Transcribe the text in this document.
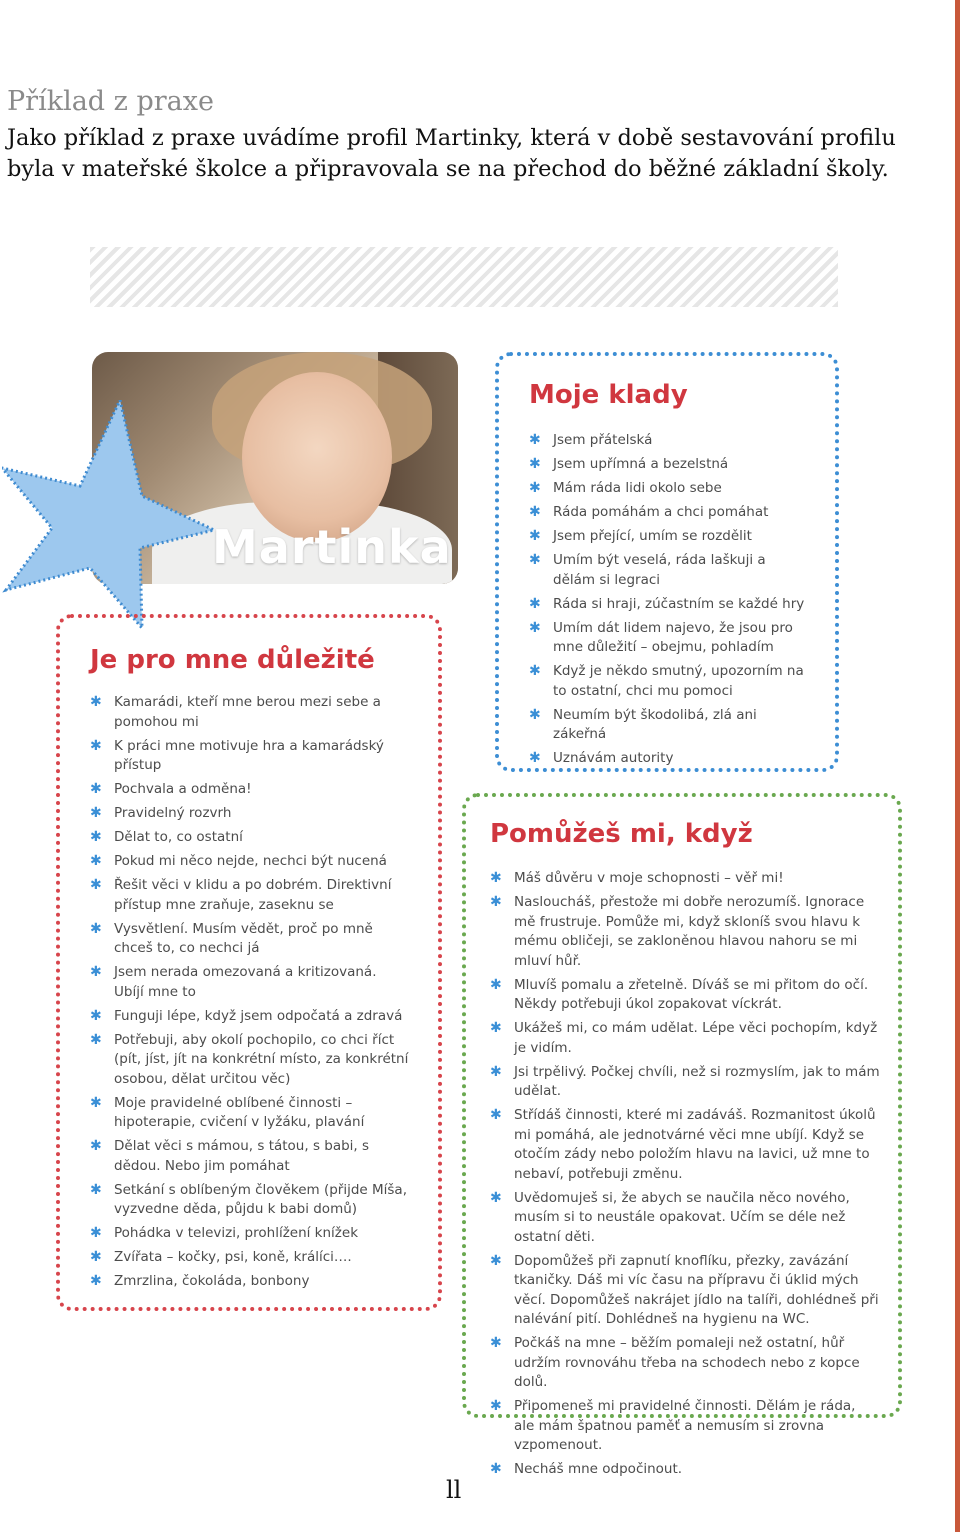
Příklad z praxe

Jako příklad z praxe uvádíme profil Martinky, která v době sestavování profilu byla v mateřské školce a připravovala se na přechod do běžné základní školy.

Martinka
Je pro mne důležité
✱ Kamarádi, kteří mne berou mezi sebe a pomohou mi
✱ K práci mne motivuje hra a kamarádský přístup
✱ Pochvala a odměna!
✱ Pravidelný rozvrh
✱ Dělat to, co ostatní
✱ Pokud mi něco nejde, nechci být nucená
✱ Řešit věci v klidu a po dobrém. Direktivní přístup mne zraňuje, zaseknu se
✱ Vysvětlení. Musím vědět, proč po mně chceš to, co nechci já
✱ Jsem nerada omezovaná a kritizovaná. Ubíjí mne to
✱ Funguji lépe, když jsem odpočatá a zdravá
✱ Potřebuji, aby okolí pochopilo, co chci říct (pít, jíst, jít na konkrétní místo, za konkrétní osobou, dělat určitou věc)
✱ Moje pravidelné oblíbené činnosti – hipoterapie, cvičení v lyžáku, plavání
✱ Dělat věci s mámou, s tátou, s babi, s dědou. Nebo jim pomáhat
✱ Setkání s oblíbeným člověkem (přijde Míša, vyzvedne děda, půjdu k babi domů)
✱ Pohádka v televizi, prohlížení knížek
✱ Zvířata – kočky, psi, koně, králíci….
✱ Zmrzlina, čokoláda, bonbony
Moje klady
✱ Jsem přátelská
✱ Jsem upřímná a bezelstná
✱ Mám ráda lidi okolo sebe
✱ Ráda pomáhám a chci pomáhat
✱ Jsem přející, umím se rozdělit
✱ Umím být veselá, ráda laškuji a dělám si legraci
✱ Ráda si hraji, zúčastním se každé hry
✱ Umím dát lidem najevo, že jsou pro mne důležití – obejmu, pohladím
✱ Když je někdo smutný, upozorním na to ostatní, chci mu pomoci
✱ Neumím být škodolibá, zlá ani zákeřná
✱ Uznávám autority
Pomůžeš mi, když
✱ Máš důvěru v moje schopnosti – věř mi!
✱ Nasloucháš, přestože mi dobře nerozumíš. Ignorace mě frustruje. Pomůže mi, když skloníš svou hlavu k mému obličeji, se zakloněnou hlavou nahoru se mi mluví hůř.
✱ Mluvíš pomalu a zřetelně. Díváš se mi přitom do očí. Někdy potřebuji úkol zopakovat víckrát.
✱ Ukážeš mi, co mám udělat. Lépe věci pochopím, když je vidím.
✱ Jsi trpělivý. Počkej chvíli, než si rozmyslím, jak to mám udělat.
✱ Střídáš činnosti, které mi zadáváš. Rozmanitost úkolů mi pomáhá, ale jednotvárné věci mne ubíjí. Když se otočím zády nebo položím hlavu na lavici, už mne to nebaví, potřebuji změnu.
✱ Uvědomuješ si, že abych se naučila něco nového, musím si to neustále opakovat. Učím se déle než ostatní děti.
✱ Dopomůžeš při zapnutí knoflíku, přezky, zavázání tkaničky. Dáš mi víc času na přípravu či úklid mých věcí. Dopomůžeš nakrájet jídlo na talíři, dohlédneš při nalévání pití. Dohlédneš na hygienu na WC.
✱ Počkáš na mne – běžím pomaleji než ostatní, hůř udržím rovnováhu třeba na schodech nebo z kopce dolů.
✱ Připomeneš mi pravidelné činnosti. Dělám je ráda, ale mám špatnou paměť a nemusím si zrovna vzpomenout.
✱ Necháš mne odpočinout.
ll
